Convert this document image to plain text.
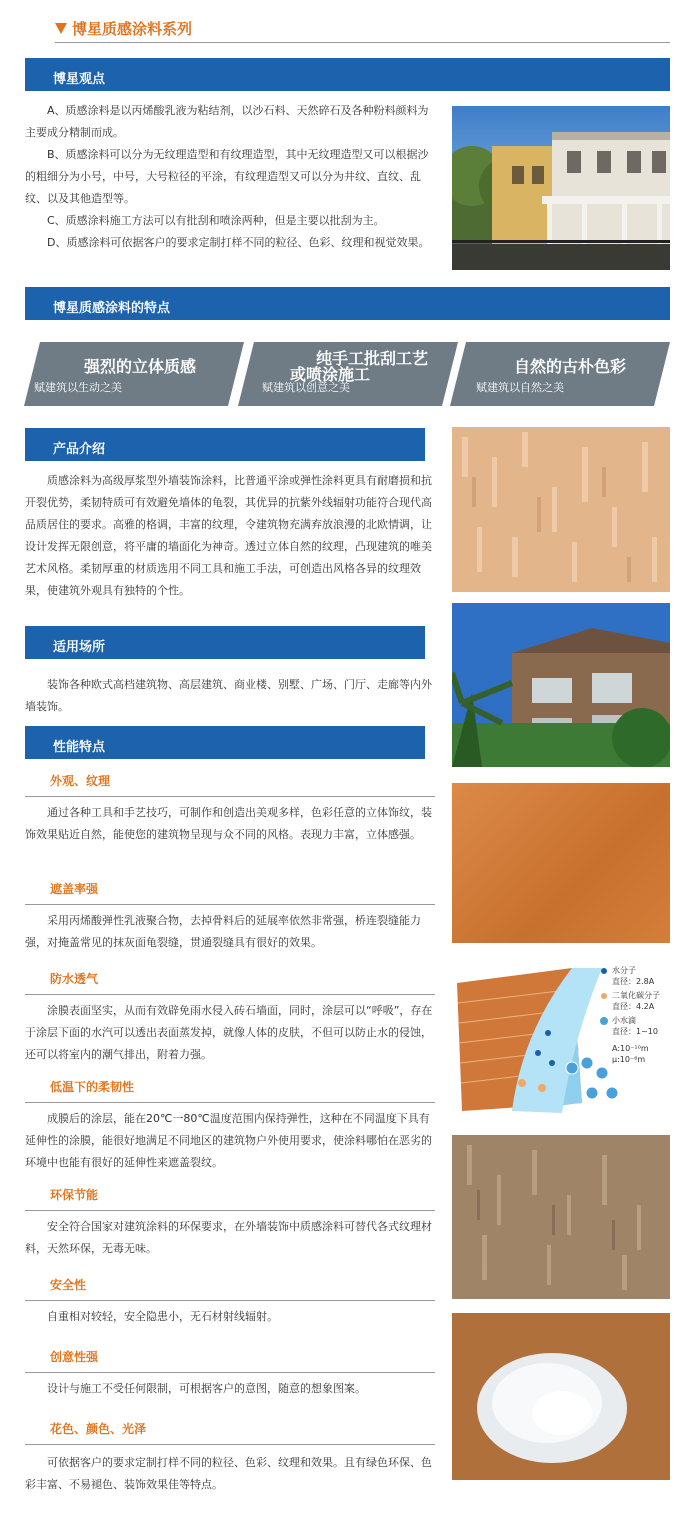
博星质感涂料系列
博星观点

A、质感涂料是以丙烯酸乳液为粘结剂，以沙石料、天然碎石及各种粉料颜料为主要成分精制而成。

B、质感涂料可以分为无纹理造型和有纹理造型，其中无纹理造型又可以根据沙的粗细分为小号，中号，大号粒径的平涂，有纹理造型又可以分为井纹、直纹、乱纹、以及其他造型等。

C、质感涂料施工方法可以有批刮和喷涂两种，但是主要以批刮为主。

D、质感涂料可依据客户的要求定制打样不同的粒径、色彩、纹理和视觉效果。

博星质感涂料的特点
强烈的立体质感
赋建筑以生动之美
纯手工批刮工艺
或喷涂施工
赋建筑以创意之美
自然的古朴色彩
赋建筑以自然之美
产品介绍

质感涂料为高级厚浆型外墙装饰涂料，比普通平涂或弹性涂料更具有耐磨损和抗开裂优势，柔韧特质可有效避免墙体的龟裂，其优异的抗紫外线辐射功能符合现代高品质居住的要求。高雅的格调，丰富的纹理，令建筑物充满弃放浪漫的北欧情调，让设计发挥无限创意，将平庸的墙面化为神奇。透过立体自然的纹理，凸现建筑的唯美艺术风格。柔韧厚重的材质选用不同工具和施工手法，可创造出风格各异的纹理效果，使建筑外观具有独特的个性。

适用场所

装饰各种欧式高档建筑物、高层建筑、商业楼、别墅、广场、门厅、走廊等内外墙装饰。

性能特点
外观、纹理

通过各种工具和手艺技巧，可制作和创造出美观多样，色彩任意的立体饰纹，装饰效果贴近自然，能使您的建筑物呈现与众不同的风格。表现力丰富，立体感强。

遮盖率强

采用丙烯酸弹性乳液聚合物，去掉骨料后的延展率依然非常强，桥连裂缝能力强，对掩盖常见的抹灰面龟裂缝，贯通裂缝具有很好的效果。

防水透气

涂膜表面坚实，从而有效辟免雨水侵入砖石墙面，同时，涂层可以“呼吸”，存在于涂层下面的水汽可以透出表面蒸发掉，就像人体的皮肤，不但可以防止水的侵蚀，还可以将室内的潮气排出，附着力强。

低温下的柔韧性

成膜后的涂层，能在20℃一80℃温度范围内保持弹性，这种在不同温度下具有延伸性的涂膜，能很好地满足不同地区的建筑物户外使用要求，使涂料哪怕在恶劣的环境中也能有很好的延伸性来遮盖裂纹。

环保节能

安全符合国家对建筑涂料的环保要求，在外墙装饰中质感涂料可替代各式纹理材料，天然环保，无毒无味。

安全性

自重相对较轻，安全隐患小，无石材射线辐射。

创意性强

设计与施工不受任何限制，可根据客户的意图，随意的想象图案。

花色、颜色、光泽

可依据客户的要求定制打样不同的粒径、色彩、纹理和效果。且有绿色环保、色彩丰富、不易褪色、装饰效果佳等特点。

水分子
直径：2.8A
二氧化碳分子
直径：4.2A
小水滴
直径：1~10
A:10⁻¹⁰m
μ:10⁻⁶m
